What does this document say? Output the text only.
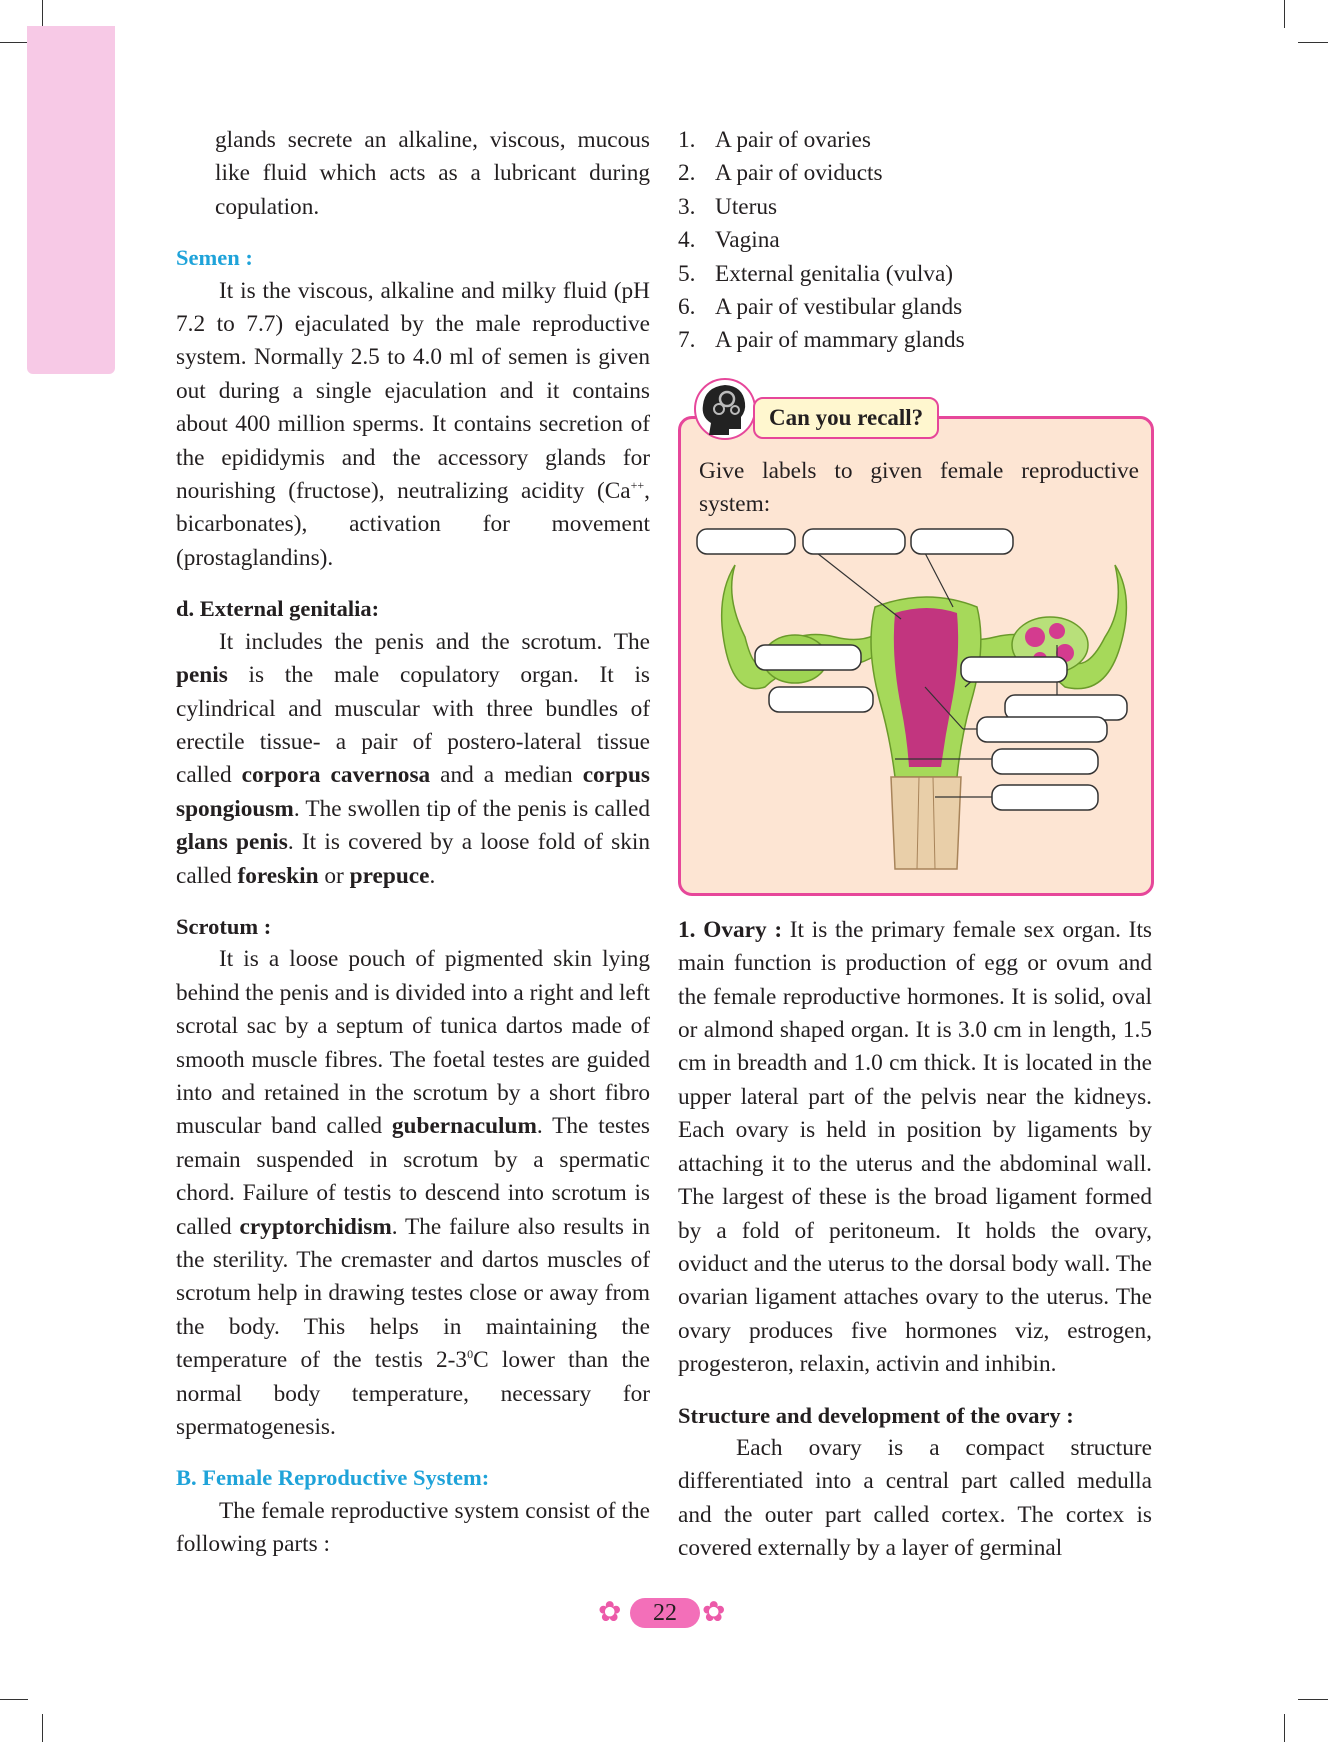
glands secrete an alkaline, viscous, mucous like fluid which acts as a lubricant during copulation.

Semen :

It is the viscous, alkaline and milky fluid (pH 7.2 to 7.7) ejaculated by the male reproductive system. Normally 2.5 to 4.0 ml of semen is given out during a single ejaculation and it contains about 400 million sperms. It contains secretion of the epididymis and the accessory glands for nourishing (fructose), neutralizing acidity (Ca++, bicarbonates), activation for movement (prostaglandins).

d. External genitalia:

It includes the penis and the scrotum. The penis is the male copulatory organ. It is cylindrical and muscular with three bundles of erectile tissue- a pair of postero-lateral tissue called corpora cavernosa and a median corpus spongiousm. The swollen tip of the penis is called glans penis. It is covered by a loose fold of skin called foreskin or prepuce.

Scrotum :

It is a loose pouch of pigmented skin lying behind the penis and is divided into a right and left scrotal sac by a septum of tunica dartos made of smooth muscle fibres. The foetal testes are guided into and retained in the scrotum by a short fibro muscular band called gubernaculum. The testes remain suspended in scrotum by a spermatic chord. Failure of testis to descend into scrotum is called cryptorchidism. The failure also results in the sterility. The cremaster and dartos muscles of scrotum help in drawing testes close or away from the body. This helps in maintaining the temperature of the testis $2-3^0C$ lower than the normal body temperature, necessary for spermatogenesis.

B. Female Reproductive System:

The female reproductive system consist of the following parts :

1. A pair of ovaries
2. A pair of oviducts
3. Uterus
4. Vagina
5. External genitalia (vulva)
6. A pair of vestibular glands
7. A pair of mammary glands
Can you recall?

Give labels to given female reproductive system:

1. Ovary : It is the primary female sex organ. Its main function is production of egg or ovum and the female reproductive hormones. It is solid, oval or almond shaped organ. It is 3.0 cm in length, 1.5 cm in breadth and 1.0 cm thick. It is located in the upper lateral part of the pelvis near the kidneys. Each ovary is held in position by ligaments by attaching it to the uterus and the abdominal wall. The largest of these is the broad ligament formed by a fold of peritoneum. It holds the ovary, oviduct and the uterus to the dorsal body wall. The ovarian ligament attaches ovary to the uterus. The ovary produces five hormones viz, estrogen, progesteron, relaxin, activin and inhibin.

Structure and development of the ovary :

Each ovary is a compact structure differentiated into a central part called medulla and the outer part called cortex. The cortex is covered externally by a layer of germinal

✿	22 ✿
